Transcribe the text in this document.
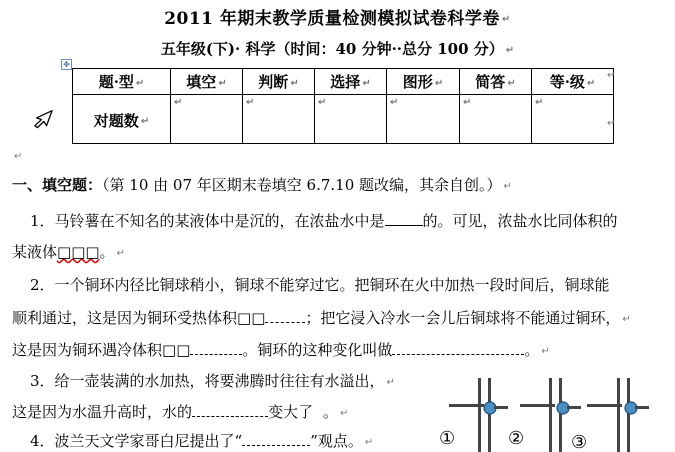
2011 年期末教学质量检测模拟试卷科学卷 ↵
五年级(下)· 科学（时间：40 分钟··总分 100 分） ↵
✥
题·型 ↵	填空 ↵	判断 ↵	选择 ↵	图形 ↵	简答 ↵	等·级 ↵
对题数 ↵	↵	↵	↵	↵	↵	↵
↵
↵
↵
一、填空题：（第 10 由 07 年区期末卷填空 6.7.10 题改编，其余自创。） ↵
1．马铃薯在不知名的某液体中是沉的，在浓盐水中是	的。可见，浓盐水比同体积的
某液体□□□。 ↵
2．一个铜环内径比铜球稍小，铜球不能穿过它。把铜环在火中加热一段时间后，铜球能
顺利通过，这是因为铜环受热体积□□	；把它浸入冷水一会儿后铜球将不能通过铜环， ↵
这是因为铜环遇冷体积□□	。铜环的这种变化叫做	。 ↵
3．给一壶装满的水加热，将要沸腾时往往有水溢出， ↵
这是因为水温升高时，水的	变大了 。 ↵
4．波兰天文学家哥白尼提出了“	”观点。 ↵	①	②	③
